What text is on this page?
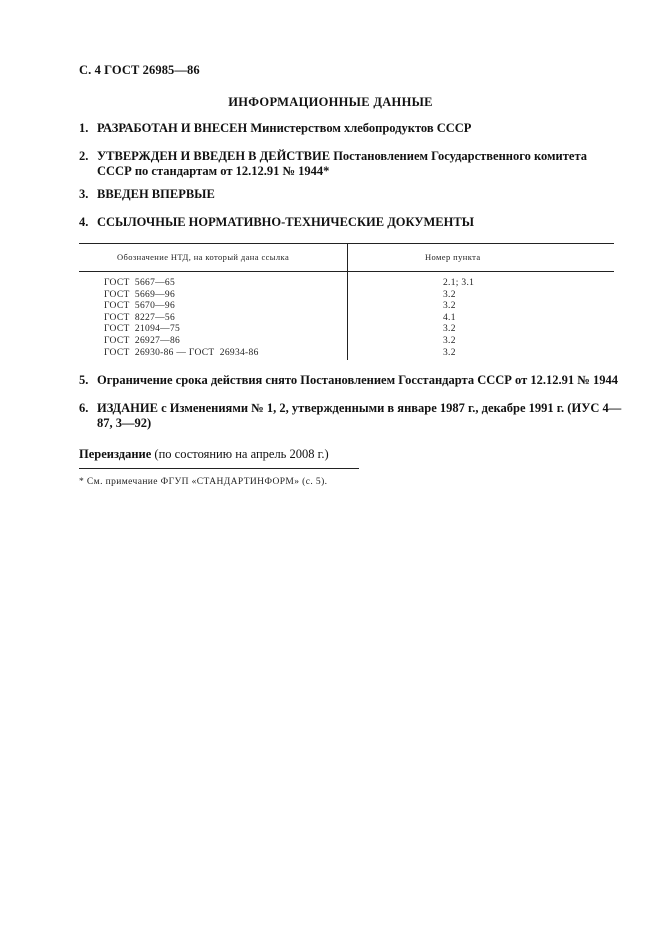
С. 4 ГОСТ 26985—86
ИНФОРМАЦИОННЫЕ ДАННЫЕ
1. РАЗРАБОТАН И ВНЕСЕН Министерством хлебопродуктов СССР
2. УТВЕРЖДЕН И ВВЕДЕН В ДЕЙСТВИЕ Постановлением Государственного комитета СССР по стандартам от 12.12.91 № 1944*
3. ВВЕДЕН ВПЕРВЫЕ
4. ССЫЛОЧНЫЕ НОРМАТИВНО-ТЕХНИЧЕСКИЕ ДОКУМЕНТЫ
Обозначение НТД, на который дана ссылка	Номер пункта
ГОСТ  5667—65	2.1; 3.1
ГОСТ  5669—96	3.2
ГОСТ  5670—96	3.2
ГОСТ  8227—56	4.1
ГОСТ  21094—75	3.2
ГОСТ  26927—86	3.2
ГОСТ  26930-86 — ГОСТ  26934-86	3.2
5. Ограничение срока действия снято Постановлением Госстандарта СССР от 12.12.91 № 1944
6. ИЗДАНИЕ с Изменениями № 1, 2, утвержденными в январе 1987 г., декабре 1991 г. (ИУС 4—87, 3—92)
Переиздание (по состоянию на апрель 2008 г.)
* См. примечание ФГУП «СТАНДАРТИНФОРМ» (с. 5).
